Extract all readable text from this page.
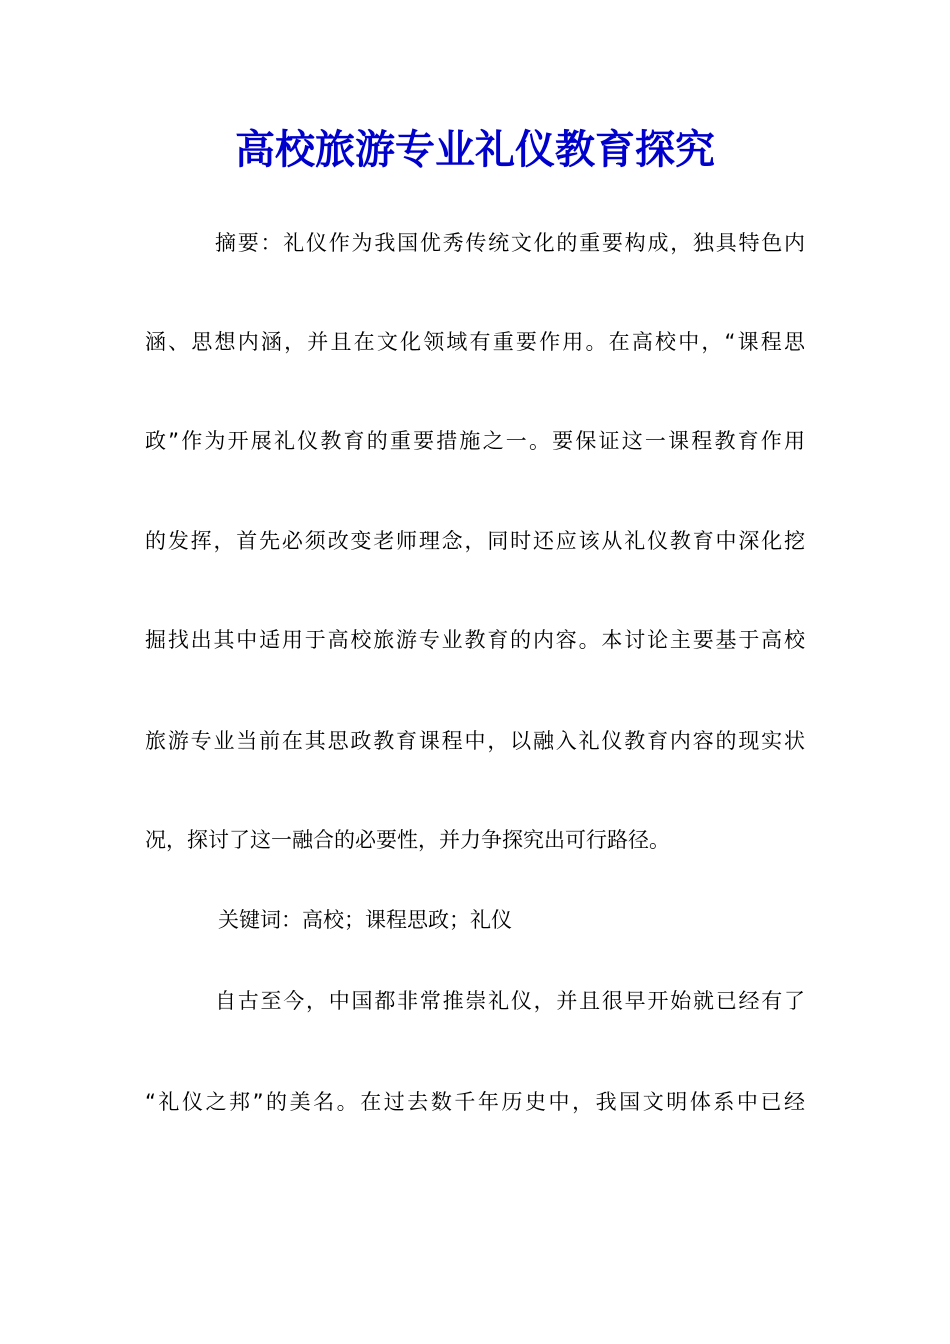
高校旅游专业礼仪教育探究

摘要：礼仪作为我国优秀传统文化的重要构成，独具特色内

涵、思想内涵，并且在文化领域有重要作用。在高校中，“课程思

政”作为开展礼仪教育的重要措施之一。要保证这一课程教育作用

的发挥，首先必须改变老师理念，同时还应该从礼仪教育中深化挖

掘找出其中适用于高校旅游专业教育的内容。本讨论主要基于高校

旅游专业当前在其思政教育课程中，以融入礼仪教育内容的现实状

况，探讨了这一融合的必要性，并力争探究出可行路径。

关键词：高校；课程思政；礼仪

自古至今，中国都非常推崇礼仪，并且很早开始就已经有了

“礼仪之邦”的美名。在过去数千年历史中，我国文明体系中已经
